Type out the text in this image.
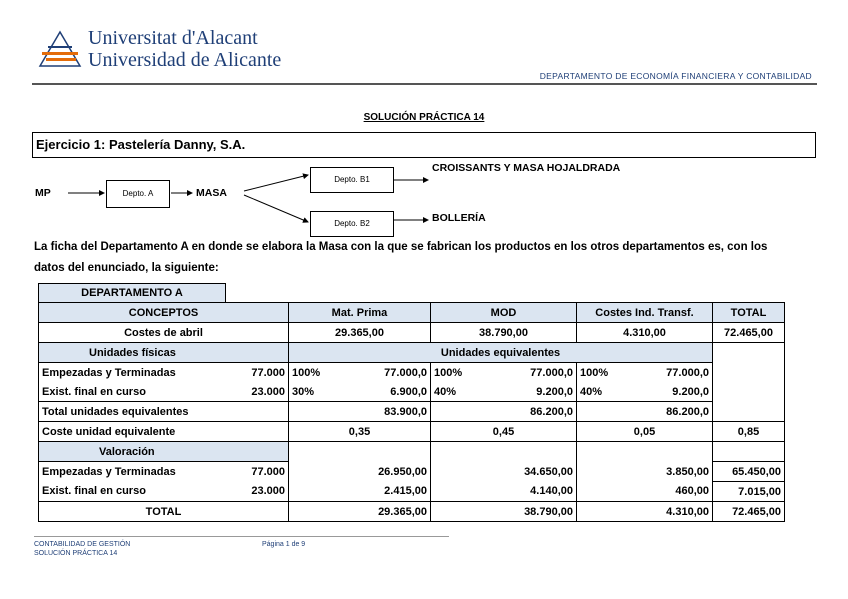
Universitat d'Alacant
Universidad de Alicante
DEPARTAMENTO DE ECONOMÍA FINANCIERA Y CONTABILIDAD
SOLUCIÓN PRÁCTICA 14
Ejercicio 1: Pastelería Danny, S.A.
MP	Depto. A	MASA
Depto. B1
Depto. B2
CROISSANTS Y MASA HOJALDRADA
BOLLERÍA
La ficha del Departamento A en donde se elabora la Masa con la que se fabrican los productos en los otros departamentos es, con los
datos del enunciado, la siguiente:
DEPARTAMENTO A
CONCEPTOS		Mat. Prima		MOD		Costes Ind. Transf.		TOTAL
Costes de abril		29.365,00		38.790,00		4.310,00		72.465,00
Unidades físicas		Unidades equivalentes						
Empezadas y Terminadas	77.000	100%	77.000,0	100%	77.000,0	100%	77.000,0	
Exist. final en curso	23.000	30%	6.900,0	40%	9.200,0	40%	9.200,0	
Total unidades equivalentes			83.900,0		86.200,0		86.200,0	
Coste unidad equivalente		0,35		0,45		0,05		0,85
Valoración								
Empezadas y Terminadas	77.000	26.950,00		34.650,00		3.850,00		65.450,00
Exist. final en curso	23.000	2.415,00		4.140,00		460,00		7.015,00
TOTAL		29.365,00		38.790,00		4.310,00		72.465,00
CONTABILIDAD DE GESTIÓN
SOLUCIÓN PRÁCTICA 14
Página 1 de 9
